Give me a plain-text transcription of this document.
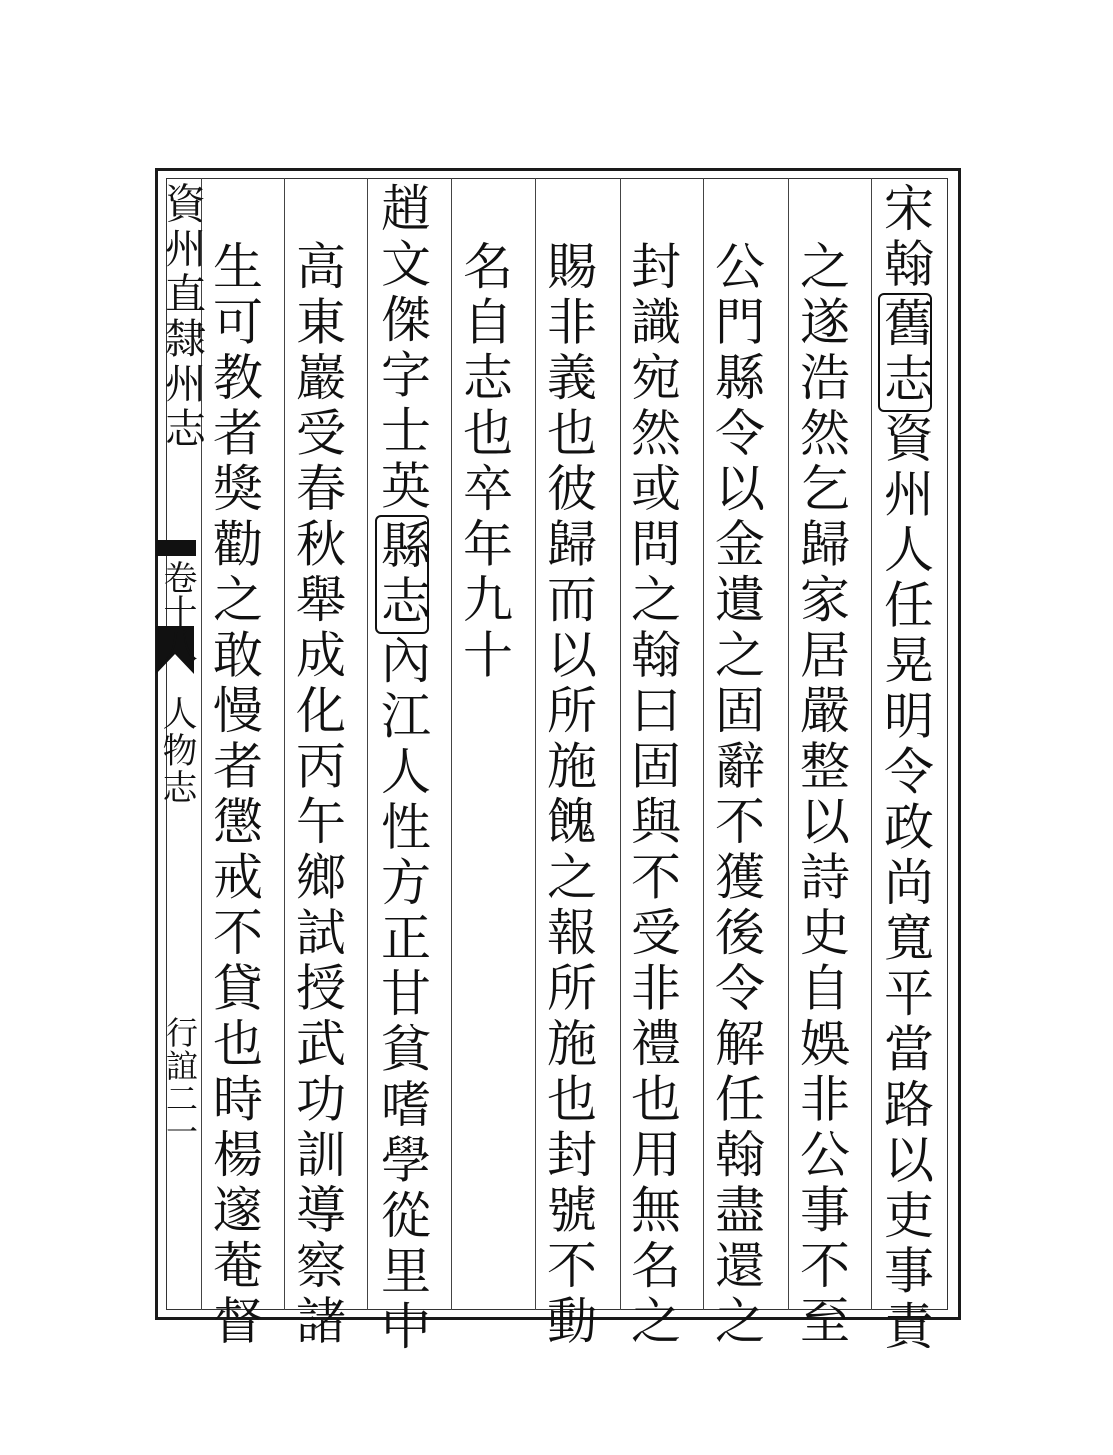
資州直隸州志
卷十八
人物志
行誼二一
宋翰舊志資州人任晃明令政尚寬平當路以吏事責
之遂浩然乞歸家居嚴整以詩史自娛非公事不至
公門縣令以金遺之固辭不獲後令解任翰盡還之
封識宛然或問之翰曰固與不受非禮也用無名之
賜非義也彼歸而以所施餽之報所施也封號不動
名自志也卒年九十
趙文傑字士英縣志內江人性方正甘貧嗜學從里中
高東巖受春秋舉成化丙午鄉試授武功訓導察諸
生可教者獎勸之敢慢者懲戒不貸也時楊邃菴督
